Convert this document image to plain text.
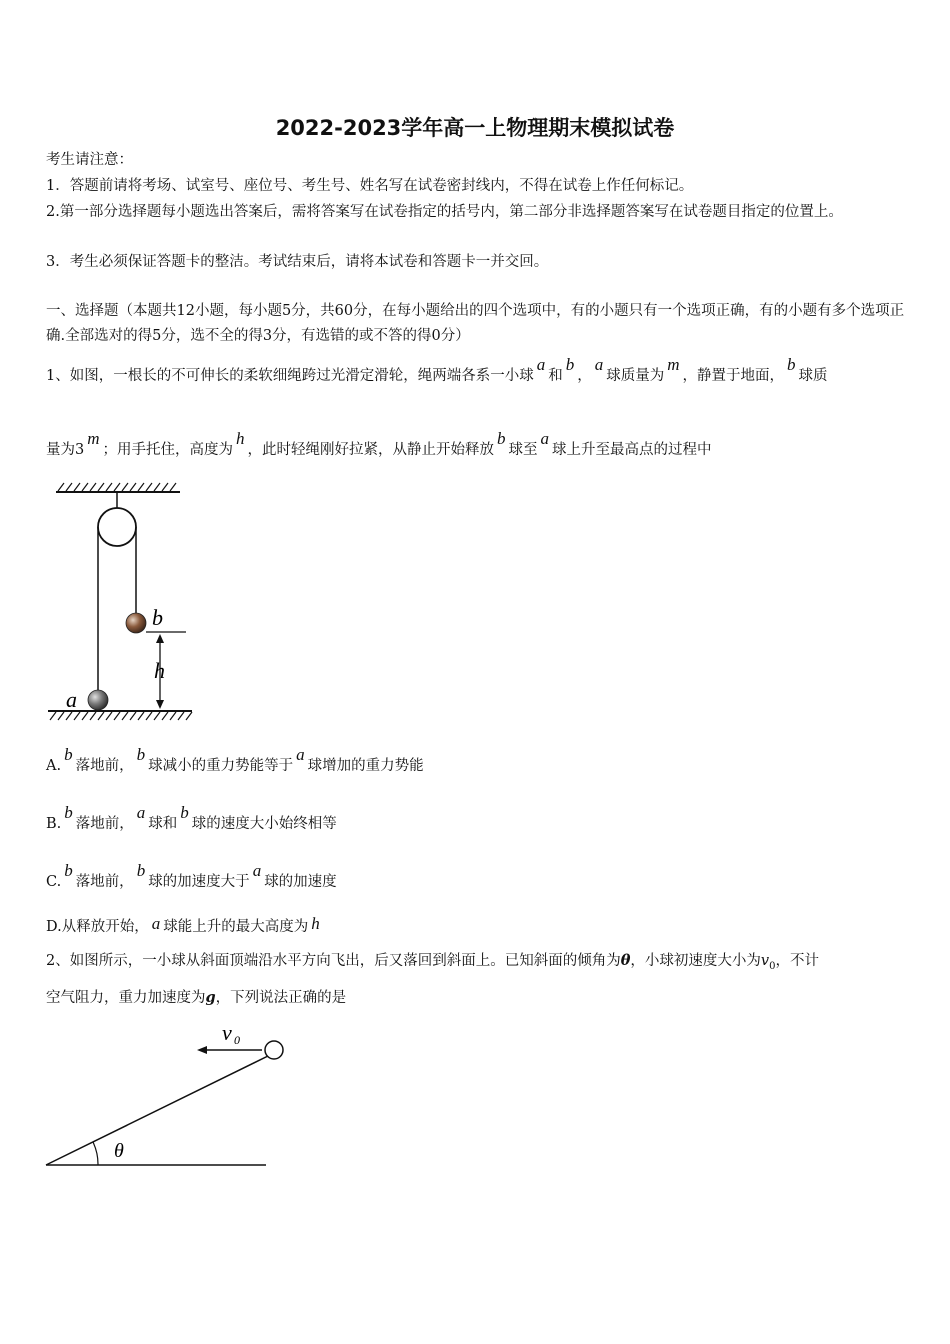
2022-2023学年高一上物理期末模拟试卷
考生请注意：
1．答题前请将考场、试室号、座位号、考生号、姓名写在试卷密封线内，不得在试卷上作任何标记。
2.第一部分选择题每小题选出答案后，需将答案写在试卷指定的括号内，第二部分非选择题答案写在试卷题目指定的位置上。
3．考生必须保证答题卡的整洁。考试结束后，请将本试卷和答题卡一并交回。
一、选择题（本题共12小题，每小题5分，共60分，在每小题给出的四个选项中，有的小题只有一个选项正确，有的小题有多个选项正确.全部选对的得5分，选不全的得3分，有选错的或不答的得0分）
1、如图，一根长的不可伸长的柔软细绳跨过光滑定滑轮，绳两端各系一小球a和b，a球质量为m，静置于地面，b球质
量为3m；用手托住，高度为h，此时轻绳刚好拉紧，从静止开始释放b球至a球上升至最高点的过程中
b
h
a
A.b落地前，b球减小的重力势能等于a球增加的重力势能
B.b落地前，a球和b球的速度大小始终相等
C.b落地前，b球的加速度大于a球的加速度
D.从释放开始， a 球能上升的最大高度为 h
2、如图所示，一小球从斜面顶端沿水平方向飞出，后又落回到斜面上。已知斜面的倾角为θ，小球初速度大小为$v_0$，不计
空气阻力，重力加速度为g，下列说法正确的是
θ
v 0
